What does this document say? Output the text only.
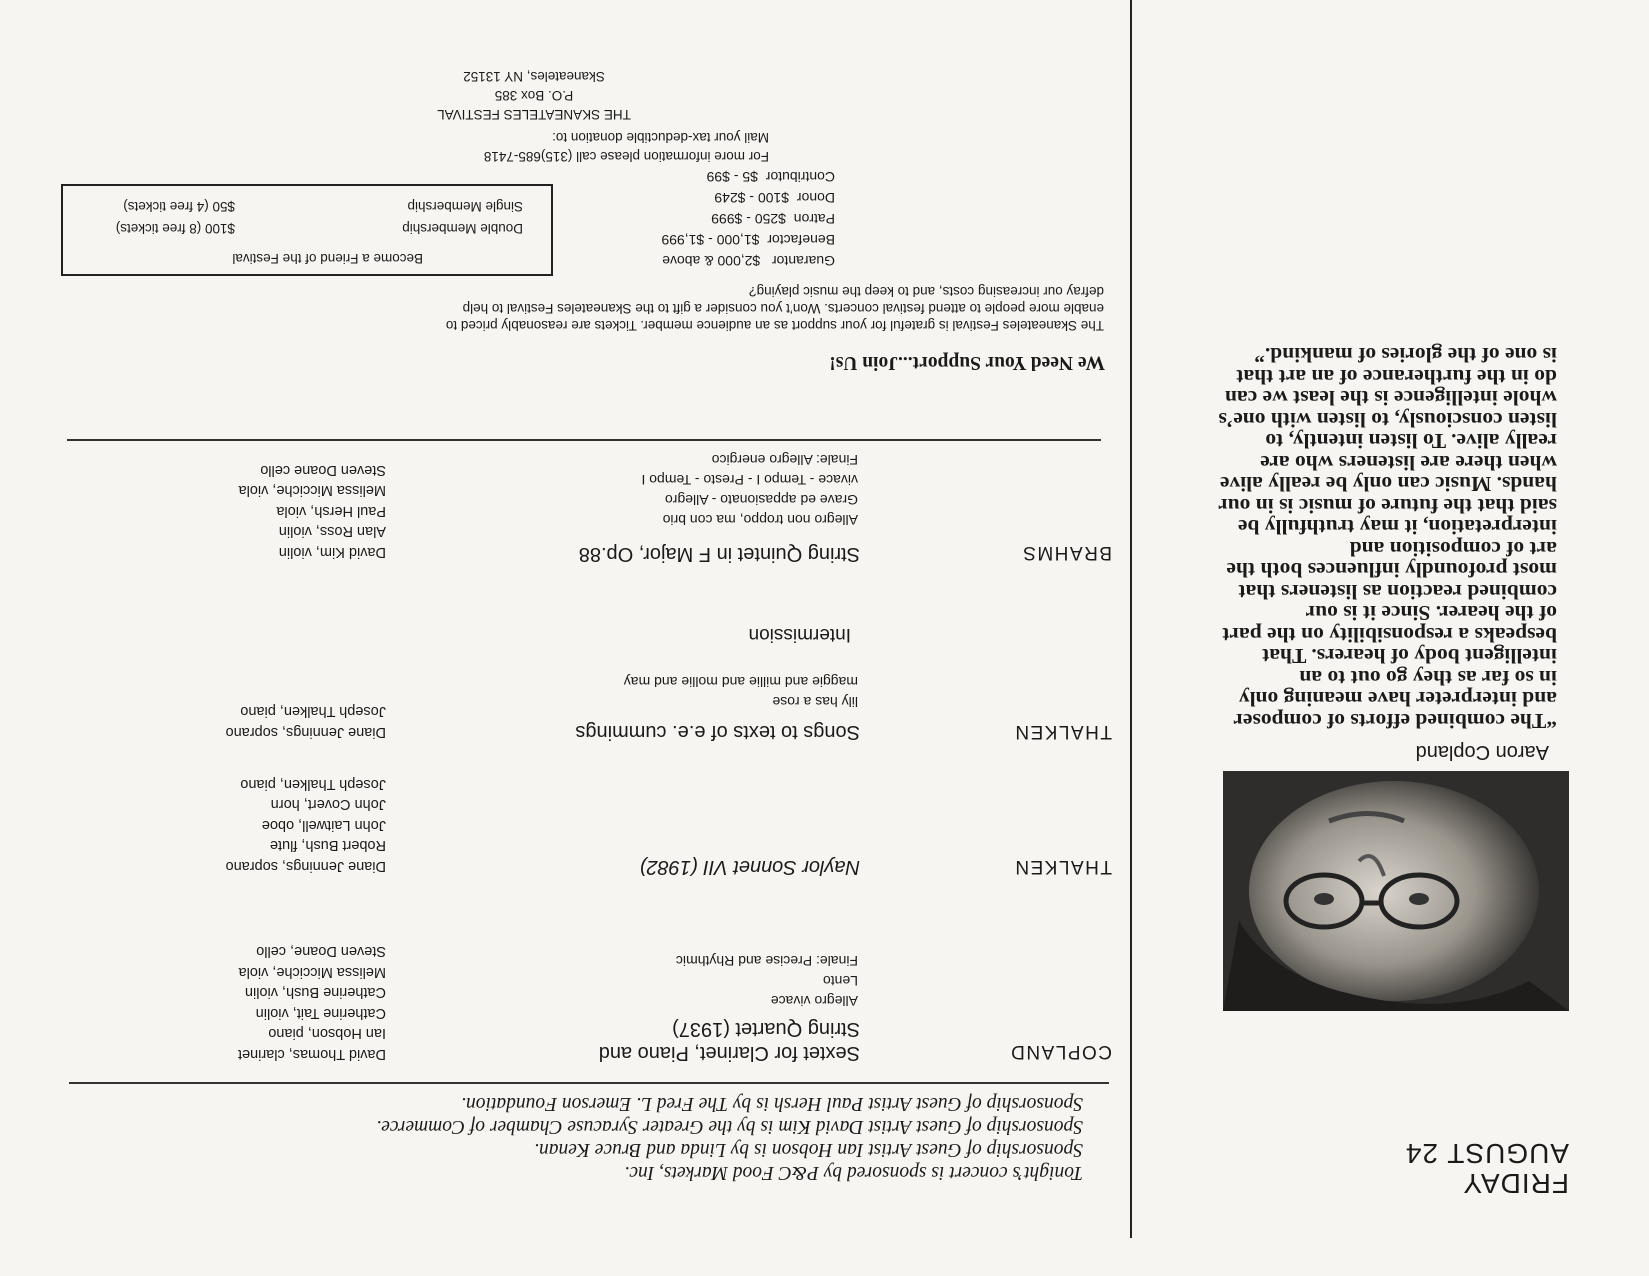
FRIDAY
AUGUST 24
Aaron Copland
“The combined efforts of composer and interpreter have meaning only in so far as they go out to an intelligent body of hearers. That bespeaks a responsibility on the part of the hearer. Since it is our combined reaction as listeners that most profoundly influences both the art of composition and interpretation, it may truthfully be said that the future of music is in our hands. Music can only be really alive when there are listeners who are really alive. To listen intently, to listen consciously, to listen with one’s whole intelligence is the least we can do in the furtherance of an art that is one of the glories of mankind.”
Tonight’s concert is sponsored by P&C Food Markets, Inc.
Sponsorship of Guest Artist Ian Hobson is by Linda and Bruce Kenan.
Sponsorship of Guest Artist David Kim is by the Greater Syracuse Chamber of Commerce.
Sponsorship of Guest Artist Paul Hersh is by The Fred L. Emerson Foundation.
COPLAND
Sextet for Clarinet, Piano and
String Quartet (1937)
Allegro vivace
Lento
Finale: Precise and Rhythmic
David Thomas, clarinet
Ian Hobson, piano
Catherine Tait, violin
Catherine Bush, violin
Melissa Micciche, viola
Steven Doane, cello
THALKEN
Naylor Sonnet VII (1982)
Diane Jennings, soprano
Robert Bush, flute
John Laitwell, oboe
John Covert, horn
Joseph Thalken, piano
THALKEN
Songs to texts of e.e. cummings
lily has a rose
maggie and millie and mollie and may
Diane Jennings, soprano
Joseph Thalken, piano
Intermission
BRAHMS
String Quintet in F Major, Op.88
Allegro non troppo, ma con brio
Grave ed appasionato - Allegro
vivace - Tempo I - Presto - Tempo I
Finale: Allegro energico
David Kim, violin
Alan Ross, violin
Paul Hersh, viola
Melissa Micciche, viola
Steven Doane cello
We Need Your Support...Join Us!
The Skaneateles Festival is grateful for your support as an audience member. Tickets are reasonably priced to
enable more people to attend festival concerts. Won’t you consider a gift to the Skaneateles Festival to help
defray our increasing costs, and to keep the music playing?
Guarantor   $2,000 & above
Benefactor  $1,000 - $1,999
Patron  $250 - $999
Donor  $100 - $249
Contributor  $5 - $99
Become a Friend of the Festival
Double Membership
$100 (8 free tickets)
Single Membership
$50 (4 free tickets)
For more information please call (315)685-7418
Mail your tax-deductible donation to:
THE SKANEATELES FESTIVAL
P.O. Box 385
Skaneateles, NY 13152
